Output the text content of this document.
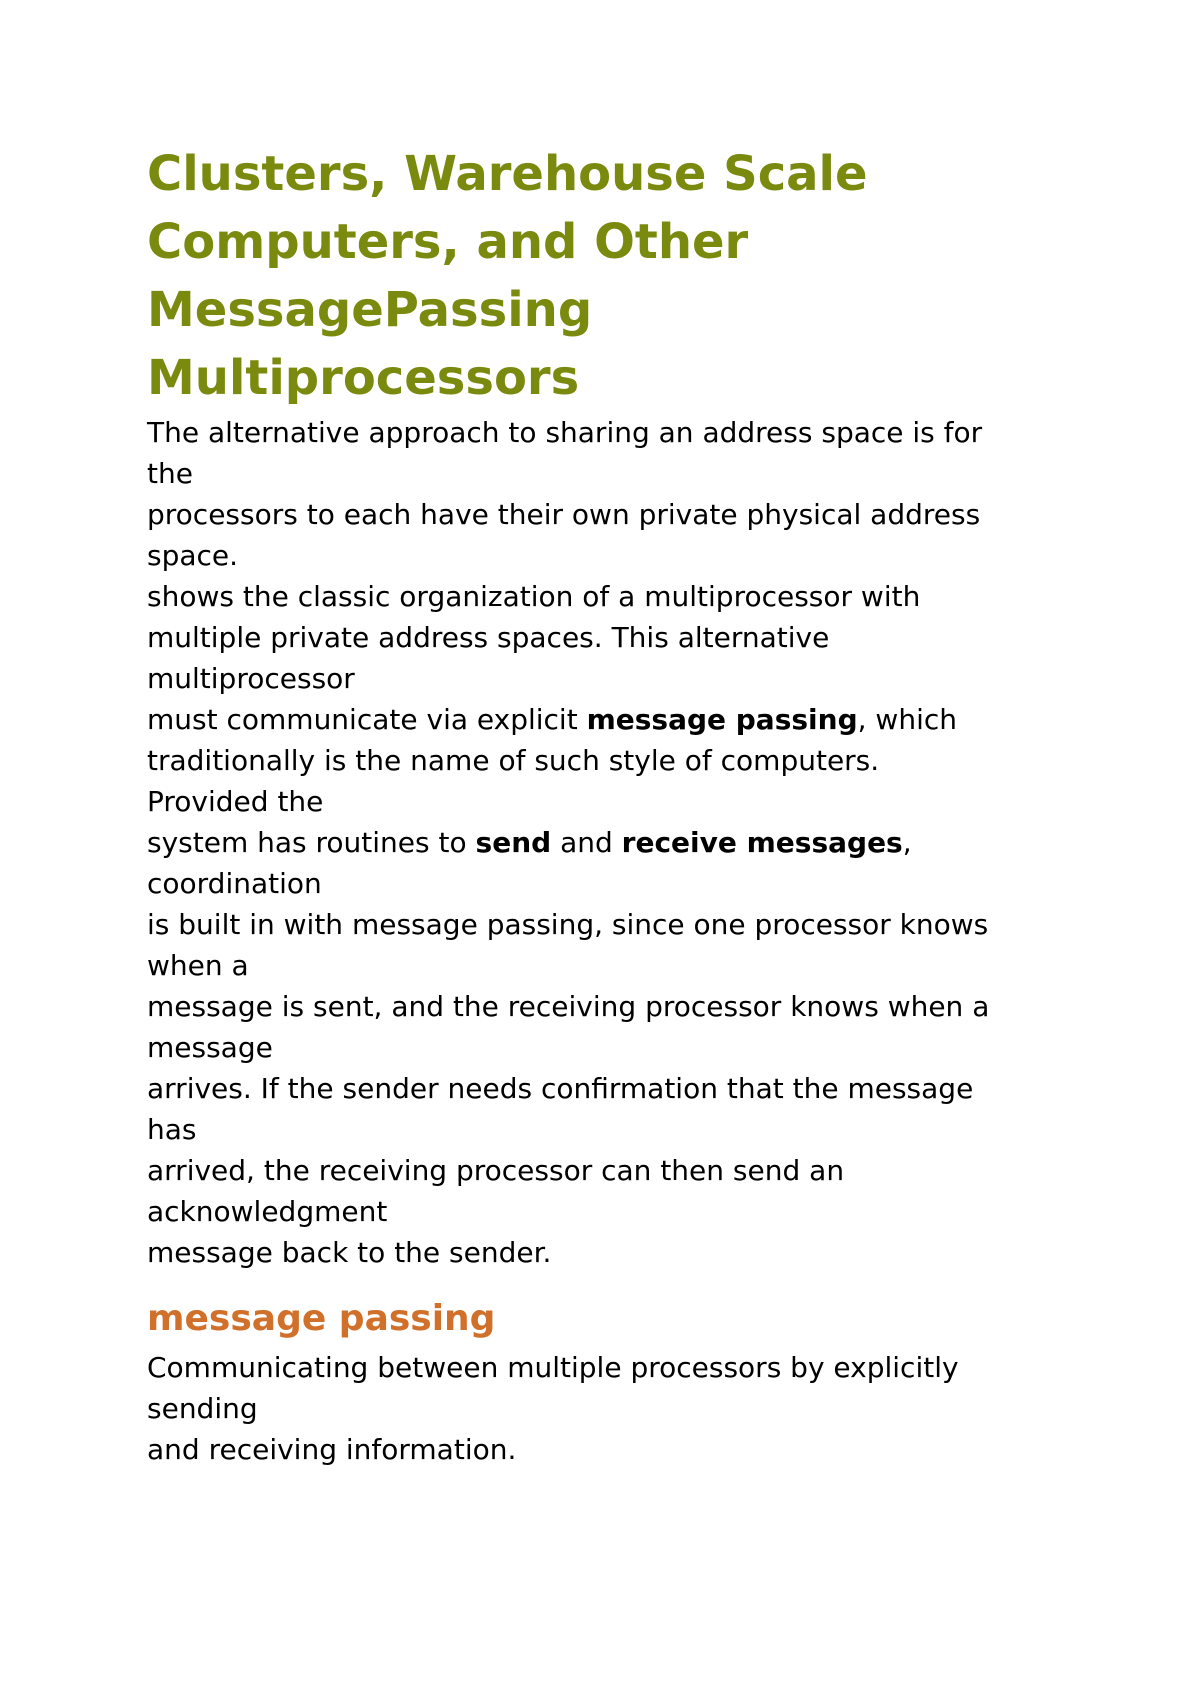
Clusters, Warehouse Scale
Computers, and Other
MessagePassing
Multiprocessors

The alternative approach to sharing an address space is for
the
processors to each have their own private physical address
space.
shows the classic organization of a multiprocessor with
multiple private address spaces. This alternative
multiprocessor
must communicate via explicit message passing, which
traditionally is the name of such style of computers.
Provided the
system has routines to send and receive messages,
coordination
is built in with message passing, since one processor knows
when a
message is sent, and the receiving processor knows when a
message
arrives. If the sender needs confirmation that the message
has
arrived, the receiving processor can then send an
acknowledgment
message back to the sender.

message passing

Communicating between multiple processors by explicitly
sending
and receiving information.
